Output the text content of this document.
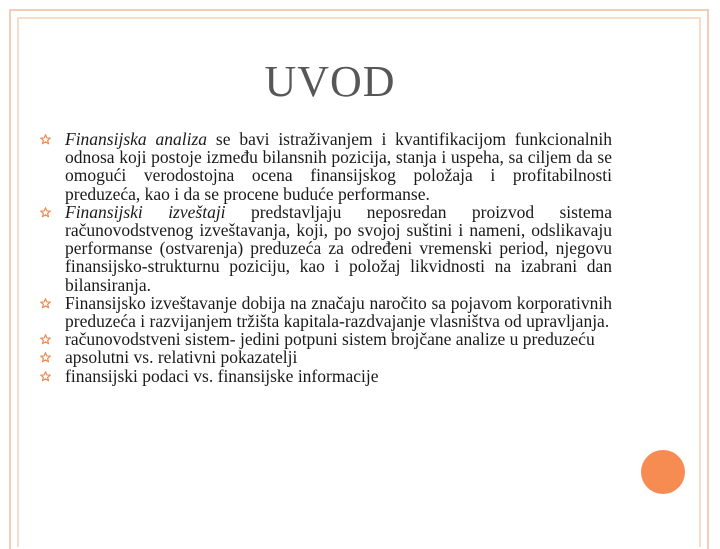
UVOD
Finansijska analiza se bavi istraživanjem i kvantifikacijom funkcionalnih odnosa koji postoje između bilansnih pozicija, stanja i uspeha, sa ciljem da se omogući verodostojna ocena finansijskog položaja i profitabilnosti preduzeća, kao i da se procene buduće performanse.
Finansijski izveštaji predstavljaju neposredan proizvod sistema računovodstvenog izveštavanja, koji, po svojoj suštini i nameni, odslikavaju performanse (ostvarenja) preduzeća za određeni vremenski period, njegovu finansijsko-strukturnu poziciju, kao i položaj likvidnosti na izabrani dan bilansiranja.
Finansijsko izveštavanje dobija na značaju naročito sa pojavom korporativnih preduzeća i razvijanjem tržišta kapitala-razdvajanje vlasništva od upravljanja.
računovodstveni sistem- jedini potpuni sistem brojčane analize u preduzeću
apsolutni vs. relativni pokazatelji
finansijski podaci vs. finansijske informacije
